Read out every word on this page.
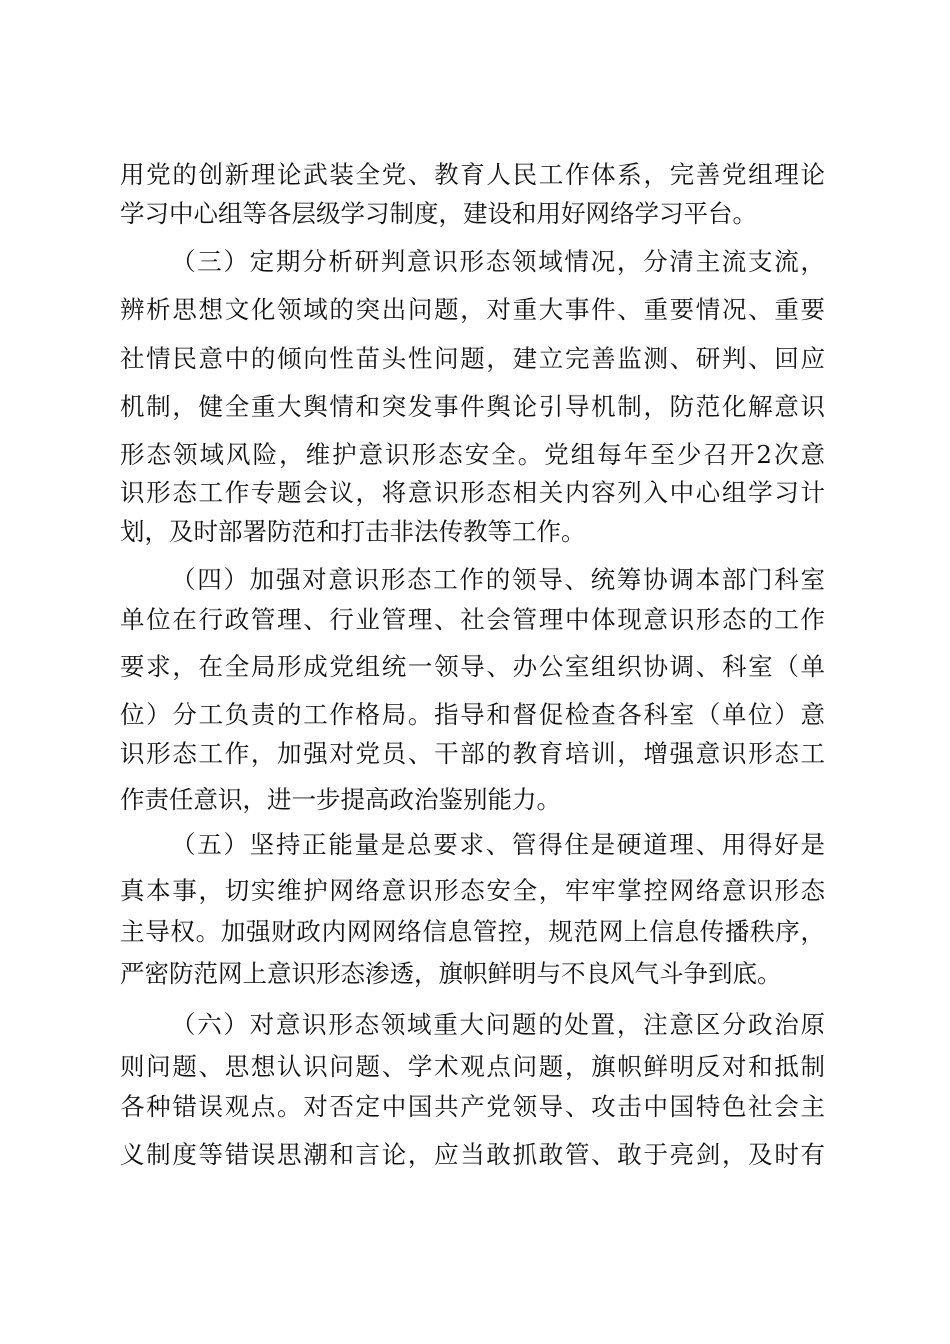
用党的创新理论武装全党、教育人民工作体系，完善党组理论
学习中心组等各层级学习制度，建设和用好网络学习平台。
（三）定期分析研判意识形态领域情况，分清主流支流，
辨析思想文化领域的突出问题，对重大事件、重要情况、重要
社情民意中的倾向性苗头性问题，建立完善监测、研判、回应
机制，健全重大舆情和突发事件舆论引导机制，防范化解意识
形态领域风险，维护意识形态安全。党组每年至少召开2次意
识形态工作专题会议，将意识形态相关内容列入中心组学习计
划，及时部署防范和打击非法传教等工作。
（四）加强对意识形态工作的领导、统筹协调本部门科室
单位在行政管理、行业管理、社会管理中体现意识形态的工作
要求，在全局形成党组统一领导、办公室组织协调、科室（单
位）分工负责的工作格局。指导和督促检查各科室（单位）意
识形态工作，加强对党员、干部的教育培训，增强意识形态工
作责任意识，进一步提高政治鉴别能力。
（五）坚持正能量是总要求、管得住是硬道理、用得好是
真本事，切实维护网络意识形态安全，牢牢掌控网络意识形态
主导权。加强财政内网网络信息管控，规范网上信息传播秩序，
严密防范网上意识形态渗透，旗帜鲜明与不良风气斗争到底。
（六）对意识形态领域重大问题的处置，注意区分政治原
则问题、思想认识问题、学术观点问题，旗帜鲜明反对和抵制
各种错误观点。对否定中国共产党领导、攻击中国特色社会主
义制度等错误思潮和言论，应当敢抓敢管、敢于亮剑，及时有
